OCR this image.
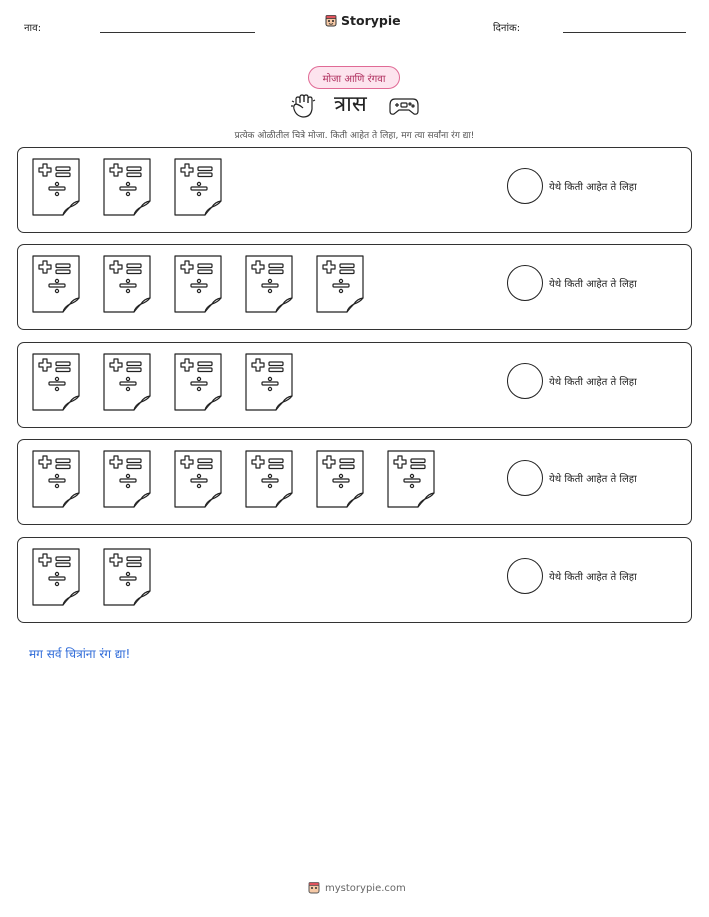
नाव:
Storypie
दिनांक:
मोजा आणि रंगवा
त्रास
प्रत्येक ओळीतील चित्रे मोजा. किती आहेत ते लिहा, मग त्या सर्वांना रंग द्या!
येथे किती आहेत ते लिहा
येथे किती आहेत ते लिहा
येथे किती आहेत ते लिहा
येथे किती आहेत ते लिहा
येथे किती आहेत ते लिहा
मग सर्व चित्रांना रंग द्या!
mystorypie.com
